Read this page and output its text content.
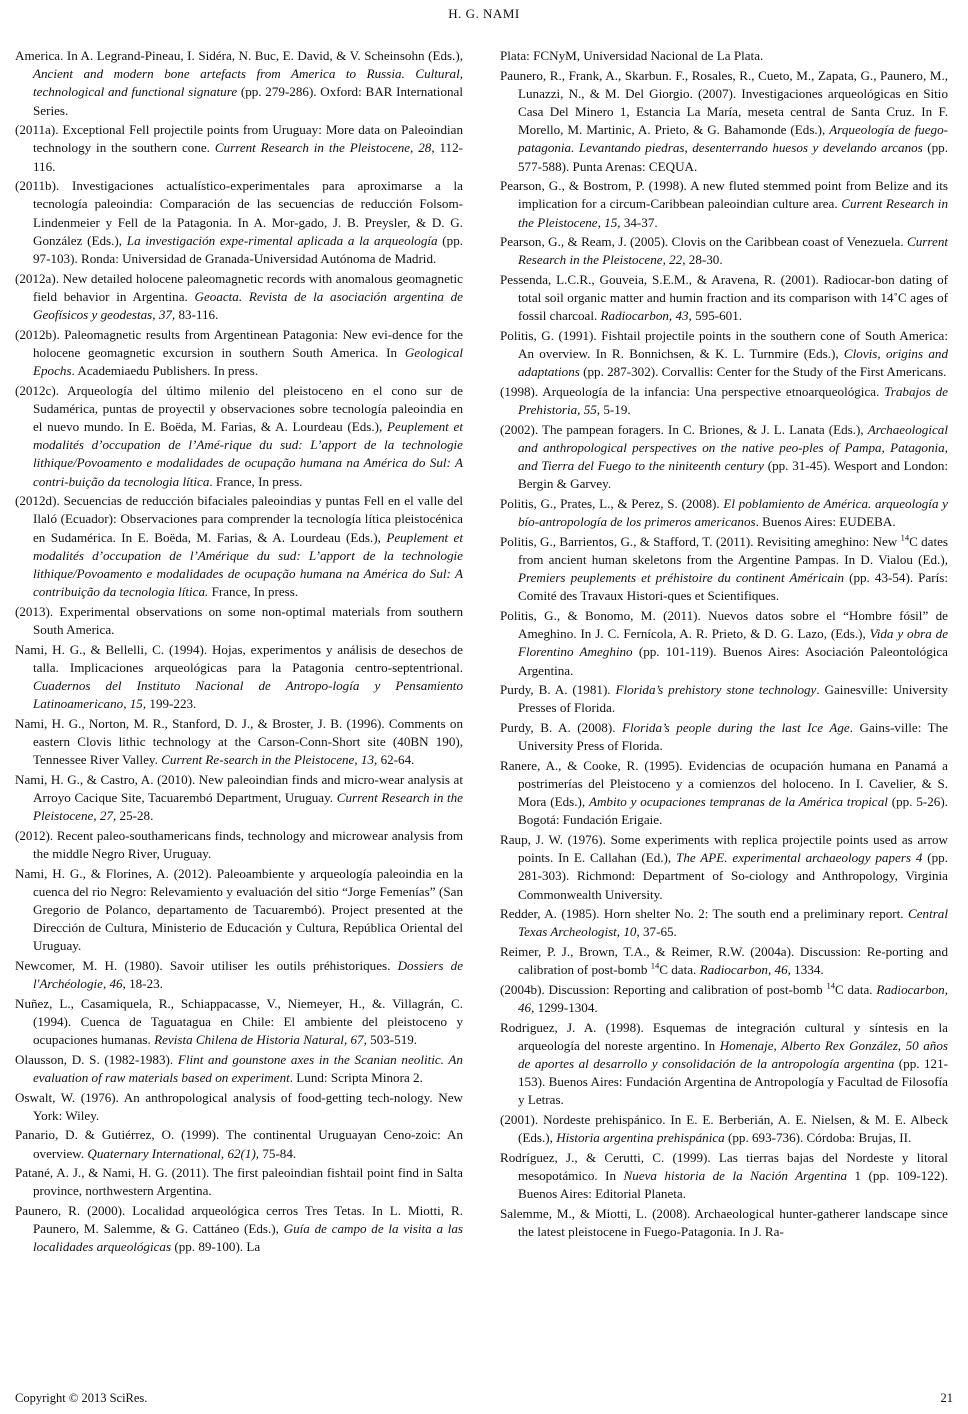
H. G. NAMI

America. In A. Legrand-Pineau, I. Sidéra, N. Buc, E. David, & V. Scheinsohn (Eds.), Ancient and modern bone artefacts from America to Russia. Cultural, technological and functional signature (pp. 279-286). Oxford: BAR International Series.

(2011a). Exceptional Fell projectile points from Uruguay: More data on Paleoindian technology in the southern cone. Current Research in the Pleistocene, 28, 112-116.

(2011b). Investigaciones actualístico-experimentales para aproximarse a la tecnología paleoindia: Comparación de las secuencias de reducción Folsom-Lindenmeier y Fell de la Patagonia. In A. Mor-gado, J. B. Preysler, & D. G. González (Eds.), La investigación expe-rimental aplicada a la arqueología (pp. 97-103). Ronda: Universidad de Granada-Universidad Autónoma de Madrid.

(2012a). New detailed holocene paleomagnetic records with anomalous geomagnetic field behavior in Argentina. Geoacta. Revista de la asociación argentina de Geofísicos y geodestas, 37, 83-116.

(2012b). Paleomagnetic results from Argentinean Patagonia: New evi-dence for the holocene geomagnetic excursion in southern South America. In Geological Epochs. Academiaedu Publishers. In press.

(2012c). Arqueología del último milenio del pleistoceno en el cono sur de Sudamérica, puntas de proyectil y observaciones sobre tecnología paleoindia en el nuevo mundo. In E. Boëda, M. Farias, & A. Lourdeau (Eds.), Peuplement et modalités d’occupation de l’Amé-rique du sud: L’apport de la technologie lithique/Povoamento e modalidades de ocupação humana na América do Sul: A contri-buição da tecnologia lítica. France, In press.

(2012d). Secuencias de reducción bifaciales paleoindias y puntas Fell en el valle del Ilaló (Ecuador): Observaciones para comprender la tecnología lítica pleistocénica en Sudamérica. In E. Boëda, M. Farias, & A. Lourdeau (Eds.), Peuplement et modalités d’occupation de l’Amérique du sud: L’apport de la technologie lithique/Povoamento e modalidades de ocupação humana na América do Sul: A contribuição da tecnologia lítica. France, In press.

(2013). Experimental observations on some non-optimal materials from southern South America.

Nami, H. G., & Bellelli, C. (1994). Hojas, experimentos y análisis de desechos de talla. Implicaciones arqueológicas para la Patagonia centro-septentrional. Cuadernos del Instituto Nacional de Antropo-logía y Pensamiento Latinoamericano, 15, 199-223.

Nami, H. G., Norton, M. R., Stanford, D. J., & Broster, J. B. (1996). Comments on eastern Clovis lithic technology at the Carson-Conn-Short site (40BN 190), Tennessee River Valley. Current Re-search in the Pleistocene, 13, 62-64.

Nami, H. G., & Castro, A. (2010). New paleoindian finds and micro-wear analysis at Arroyo Cacique Site, Tacuarembó Department, Uruguay. Current Research in the Pleistocene, 27, 25-28.

(2012). Recent paleo-southamericans finds, technology and microwear analysis from the middle Negro River, Uruguay.

Nami, H. G., & Florines, A. (2012). Paleoambiente y arqueología paleoindia en la cuenca del rio Negro: Relevamiento y evaluación del sitio “Jorge Femenías” (San Gregorio de Polanco, departamento de Tacuarembó). Project presented at the Dirección de Cultura, Ministerio de Educación y Cultura, República Oriental del Uruguay.

Newcomer, M. H. (1980). Savoir utiliser les outils préhistoriques. Dossiers de l'Archéologie, 46, 18-23.

Nuñez, L., Casamiquela, R., Schiappacasse, V., Niemeyer, H., &. Villagrán, C. (1994). Cuenca de Taguatagua en Chile: El ambiente del pleistoceno y ocupaciones humanas. Revista Chilena de Historia Natural, 67, 503-519.

Olausson, D. S. (1982-1983). Flint and gounstone axes in the Scanian neolitic. An evaluation of raw materials based on experiment. Lund: Scripta Minora 2.

Oswalt, W. (1976). An anthropological analysis of food-getting tech-nology. New York: Wiley.

Panario, D. & Gutiérrez, O. (1999). The continental Uruguayan Ceno-zoic: An overview. Quaternary International, 62(1), 75-84.

Patané, A. J., & Nami, H. G. (2011). The first paleoindian fishtail point find in Salta province, northwestern Argentina.

Paunero, R. (2000). Localidad arqueológica cerros Tres Tetas. In L. Miotti, R. Paunero, M. Salemme, & G. Cattáneo (Eds.), Guía de campo de la visita a las localidades arqueológicas (pp. 89-100). La

Plata: FCNyM, Universidad Nacional de La Plata.

Paunero, R., Frank, A., Skarbun. F., Rosales, R., Cueto, M., Zapata, G., Paunero, M., Lunazzi, N., & M. Del Giorgio. (2007). Investigaciones arqueológicas en Sitio Casa Del Minero 1, Estancia La María, meseta central de Santa Cruz. In F. Morello, M. Martinic, A. Prieto, & G. Bahamonde (Eds.), Arqueología de fuego-patagonia. Levantando piedras, desenterrando huesos y develando arcanos (pp. 577-588). Punta Arenas: CEQUA.

Pearson, G., & Bostrom, P. (1998). A new fluted stemmed point from Belize and its implication for a circum-Caribbean paleoindian culture area. Current Research in the Pleistocene, 15, 34-37.

Pearson, G., & Ream, J. (2005). Clovis on the Caribbean coast of Venezuela. Current Research in the Pleistocene, 22, 28-30.

Pessenda, L.C.R., Gouveia, S.E.M., & Aravena, R. (2001). Radiocar-bon dating of total soil organic matter and humin fraction and its comparison with 14˚C ages of fossil charcoal. Radiocarbon, 43, 595-601.

Politis, G. (1991). Fishtail projectile points in the southern cone of South America: An overview. In R. Bonnichsen, & K. L. Turnmire (Eds.), Clovis, origins and adaptations (pp. 287-302). Corvallis: Center for the Study of the First Americans.

(1998). Arqueología de la infancia: Una perspective etnoarqueológica. Trabajos de Prehistoria, 55, 5-19.

(2002). The pampean foragers. In C. Briones, & J. L. Lanata (Eds.), Archaeological and anthropological perspectives on the native peo-ples of Pampa, Patagonia, and Tierra del Fuego to the niniteenth century (pp. 31-45). Wesport and London: Bergin & Garvey.

Politis, G., Prates, L., & Perez, S. (2008). El poblamiento de América. arqueología y bío-antropología de los primeros americanos. Buenos Aires: EUDEBA.

Politis, G., Barrientos, G., & Stafford, T. (2011). Revisiting ameghino: New $^{14}$C dates from ancient human skeletons from the Argentine Pampas. In D. Vialou (Ed.), Premiers peuplements et préhistoire du continent Américain (pp. 43-54). París: Comité des Travaux Histori-ques et Scientifiques.

Politis, G., & Bonomo, M. (2011). Nuevos datos sobre el “Hombre fósil” de Ameghino. In J. C. Fernícola, A. R. Prieto, & D. G. Lazo, (Eds.), Vida y obra de Florentino Ameghino (pp. 101-119). Buenos Aires: Asociación Paleontológica Argentina.

Purdy, B. A. (1981). Florida’s prehistory stone technology. Gainesville: University Presses of Florida.

Purdy, B. A. (2008). Florida’s people during the last Ice Age. Gains-ville: The University Press of Florida.

Ranere, A., & Cooke, R. (1995). Evidencias de ocupación humana en Panamá a postrimerías del Pleistoceno y a comienzos del holoceno. In I. Cavelier, & S. Mora (Eds.), Ambito y ocupaciones tempranas de la América tropical (pp. 5-26). Bogotá: Fundación Erigaie.

Raup, J. W. (1976). Some experiments with replica projectile points used as arrow points. In E. Callahan (Ed.), The APE. experimental archaeology papers 4 (pp. 281-303). Richmond: Department of So-ciology and Anthropology, Virginia Commonwealth University.

Redder, A. (1985). Horn shelter No. 2: The south end a preliminary report. Central Texas Archeologist, 10, 37-65.

Reimer, P. J., Brown, T.A., & Reimer, R.W. (2004a). Discussion: Re-porting and calibration of post-bomb $^{14}$C data. Radiocarbon, 46, 1334.

(2004b). Discussion: Reporting and calibration of post-bomb $^{14}$C data. Radiocarbon, 46, 1299-1304.

Rodriguez, J. A. (1998). Esquemas de integración cultural y síntesis en la arqueología del noreste argentino. In Homenaje, Alberto Rex González, 50 años de aportes al desarrollo y consolidación de la antropología argentina (pp. 121-153). Buenos Aires: Fundación Argentina de Antropología y Facultad de Filosofía y Letras.

(2001). Nordeste prehispánico. In E. E. Berberián, A. E. Nielsen, & M. E. Albeck (Eds.), Historia argentina prehispánica (pp. 693-736). Córdoba: Brujas, II.

Rodríguez, J., & Cerutti, C. (1999). Las tierras bajas del Nordeste y litoral mesopotámico. In Nueva historia de la Nación Argentina 1 (pp. 109-122). Buenos Aires: Editorial Planeta.

Salemme, M., & Miotti, L. (2008). Archaeological hunter-gatherer landscape since the latest pleistocene in Fuego-Patagonia. In J. Ra-

Copyright © 2013 SciRes.	21
